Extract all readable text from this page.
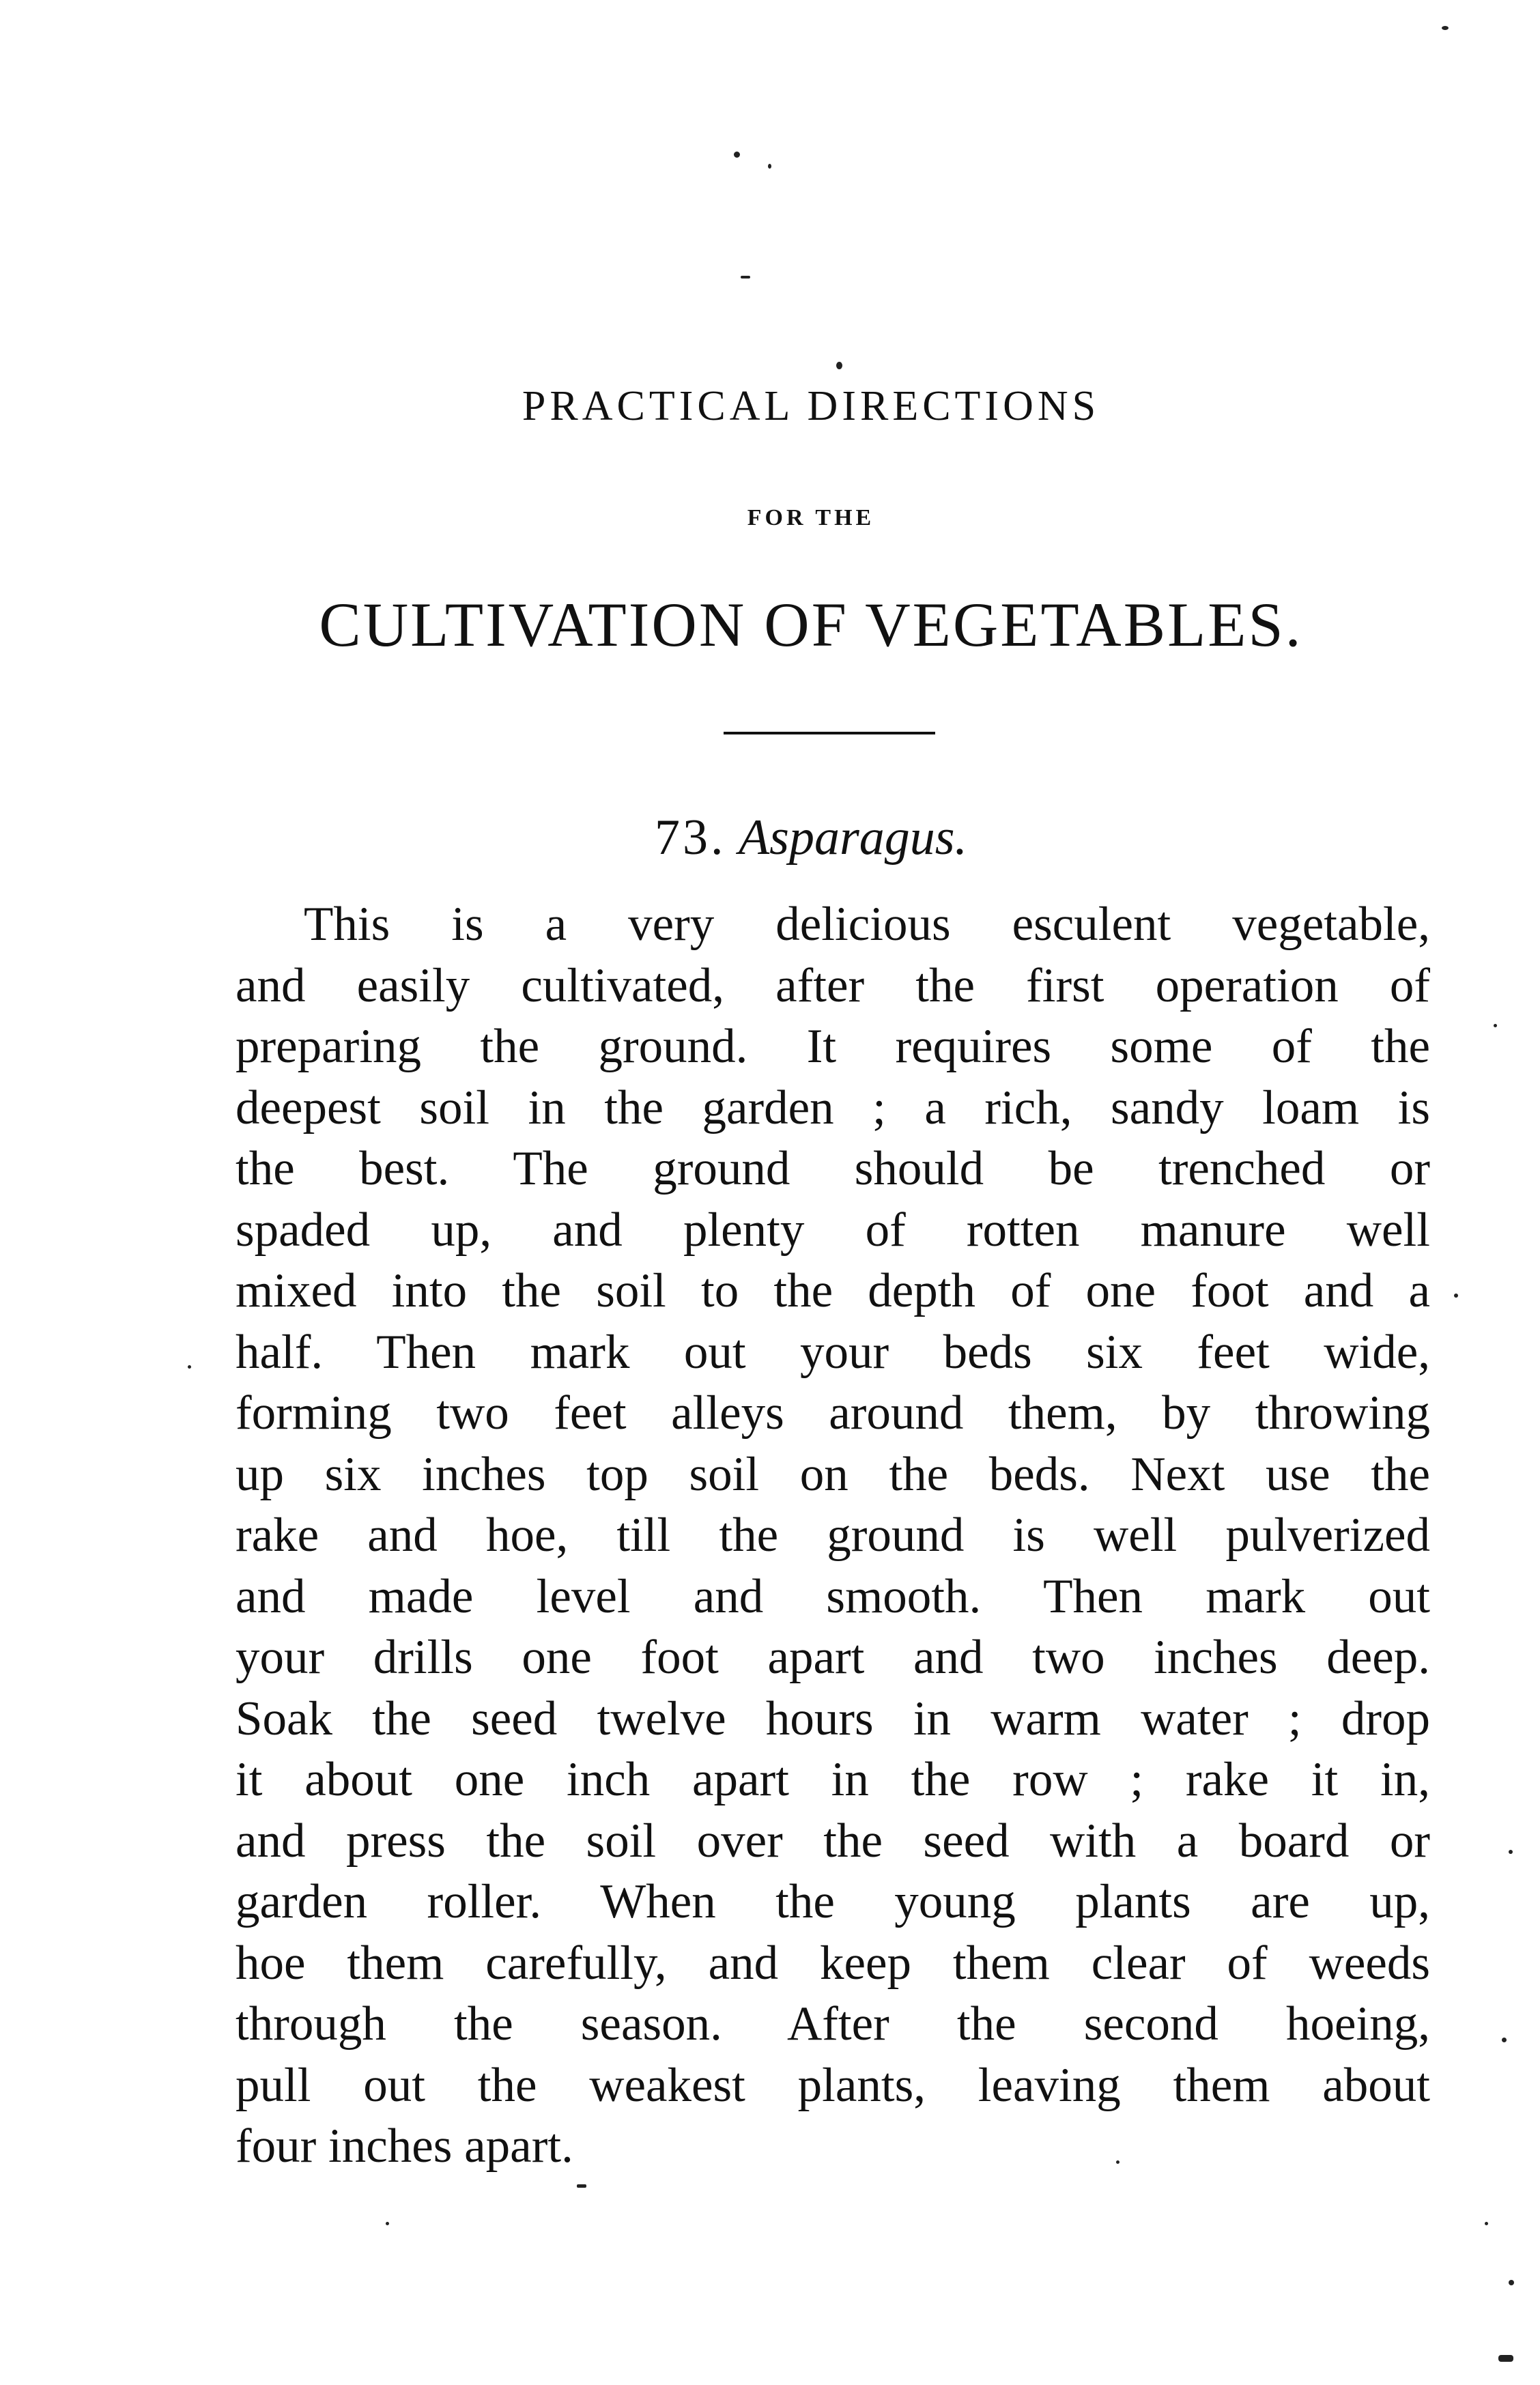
PRACTICAL DIRECTIONS
FOR THE
CULTIVATION OF VEGETABLES.
73. Asparagus.

This is a very delicious esculent vegetable,
and easily cultivated, after the first operation of
preparing the ground. It requires some of the
deepest soil in the garden ; a rich, sandy loam is
the best. The ground should be trenched or
spaded up, and plenty of rotten manure well
mixed into the soil to the depth of one foot and a
half. Then mark out your beds six feet wide,
forming two feet alleys around them, by throwing
up six inches top soil on the beds. Next use the
rake and hoe, till the ground is well pulverized
and made level and smooth. Then mark out
your drills one foot apart and two inches deep.
Soak the seed twelve hours in warm water ; drop
it about one inch apart in the row ; rake it in,
and press the soil over the seed with a board or
garden roller. When the young plants are up,
hoe them carefully, and keep them clear of weeds
through the season. After the second hoeing,
pull out the weakest plants, leaving them about
four inches apart.
